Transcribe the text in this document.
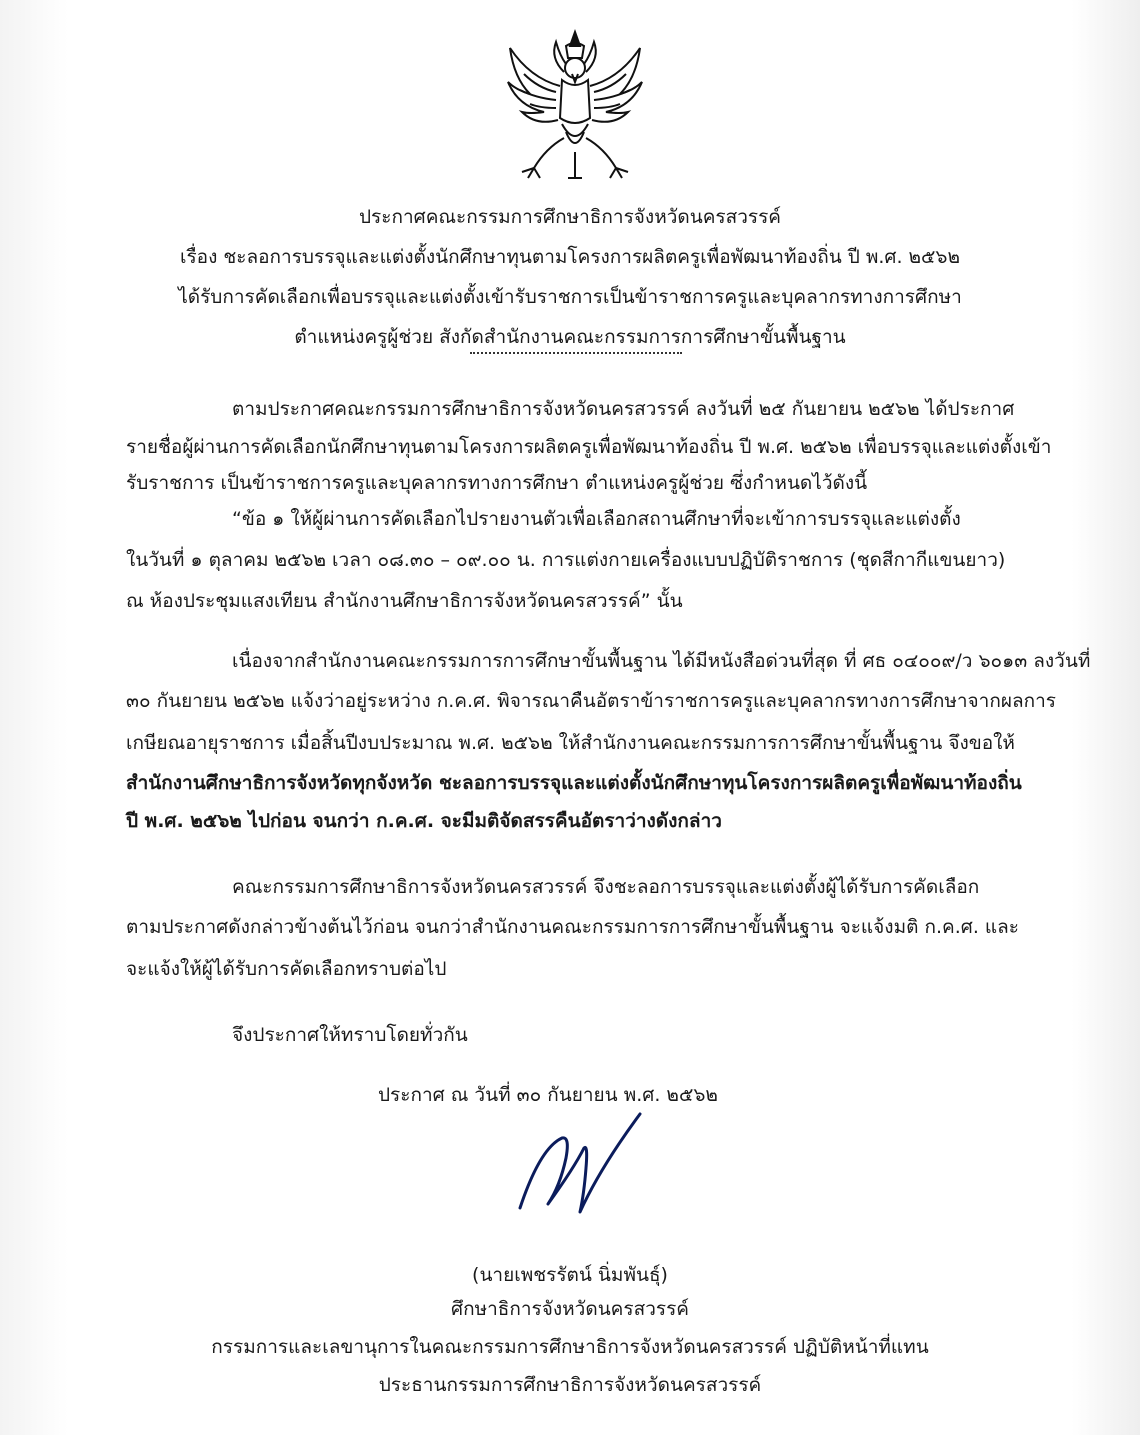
ประกาศคณะกรรมการศึกษาธิการจังหวัดนครสวรรค์
เรื่อง ชะลอการบรรจุและแต่งตั้งนักศึกษาทุนตามโครงการผลิตครูเพื่อพัฒนาท้องถิ่น ปี พ.ศ. ๒๕๖๒
ได้รับการคัดเลือกเพื่อบรรจุและแต่งตั้งเข้ารับราชการเป็นข้าราชการครูและบุคลากรทางการศึกษา
ตำแหน่งครูผู้ช่วย สังกัดสำนักงานคณะกรรมการการศึกษาขั้นพื้นฐาน
ตามประกาศคณะกรรมการศึกษาธิการจังหวัดนครสวรรค์ ลงวันที่ ๒๕ กันยายน ๒๕๖๒ ได้ประกาศ
รายชื่อผู้ผ่านการคัดเลือกนักศึกษาทุนตามโครงการผลิตครูเพื่อพัฒนาท้องถิ่น ปี พ.ศ. ๒๕๖๒ เพื่อบรรจุและแต่งตั้งเข้า
รับราชการ เป็นข้าราชการครูและบุคลากรทางการศึกษา ตำแหน่งครูผู้ช่วย ซึ่งกำหนดไว้ดังนี้
“ข้อ ๑ ให้ผู้ผ่านการคัดเลือกไปรายงานตัวเพื่อเลือกสถานศึกษาที่จะเข้าการบรรจุและแต่งตั้ง
ในวันที่ ๑ ตุลาคม ๒๕๖๒ เวลา ๐๘.๓๐ – ๐๙.๐๐ น. การแต่งกายเครื่องแบบปฏิบัติราชการ (ชุดสีกากีแขนยาว)
ณ ห้องประชุมแสงเทียน สำนักงานศึกษาธิการจังหวัดนครสวรรค์” นั้น
เนื่องจากสำนักงานคณะกรรมการการศึกษาขั้นพื้นฐาน ได้มีหนังสือด่วนที่สุด ที่ ศธ ๐๔๐๐๙/ว ๖๐๑๓ ลงวันที่
๓๐ กันยายน ๒๕๖๒ แจ้งว่าอยู่ระหว่าง ก.ค.ศ. พิจารณาคืนอัตราข้าราชการครูและบุคลากรทางการศึกษาจากผลการ
เกษียณอายุราชการ เมื่อสิ้นปีงบประมาณ พ.ศ. ๒๕๖๒ ให้สำนักงานคณะกรรมการการศึกษาขั้นพื้นฐาน จึงขอให้
สำนักงานศึกษาธิการจังหวัดทุกจังหวัด ชะลอการบรรจุและแต่งตั้งนักศึกษาทุนโครงการผลิตครูเพื่อพัฒนาท้องถิ่น
ปี พ.ศ. ๒๕๖๒ ไปก่อน จนกว่า ก.ค.ศ. จะมีมติจัดสรรคืนอัตราว่างดังกล่าว
คณะกรรมการศึกษาธิการจังหวัดนครสวรรค์ จึงชะลอการบรรจุและแต่งตั้งผู้ได้รับการคัดเลือก
ตามประกาศดังกล่าวข้างต้นไว้ก่อน จนกว่าสำนักงานคณะกรรมการการศึกษาขั้นพื้นฐาน จะแจ้งมติ ก.ค.ศ. และ
จะแจ้งให้ผู้ได้รับการคัดเลือกทราบต่อไป
จึงประกาศให้ทราบโดยทั่วกัน
ประกาศ ณ วันที่ ๓๐ กันยายน พ.ศ. ๒๕๖๒
(นายเพชรรัตน์ นิ่มพันธุ์)
ศึกษาธิการจังหวัดนครสวรรค์
กรรมการและเลขานุการในคณะกรรมการศึกษาธิการจังหวัดนครสวรรค์ ปฏิบัติหน้าที่แทน
ประธานกรรมการศึกษาธิการจังหวัดนครสวรรค์
